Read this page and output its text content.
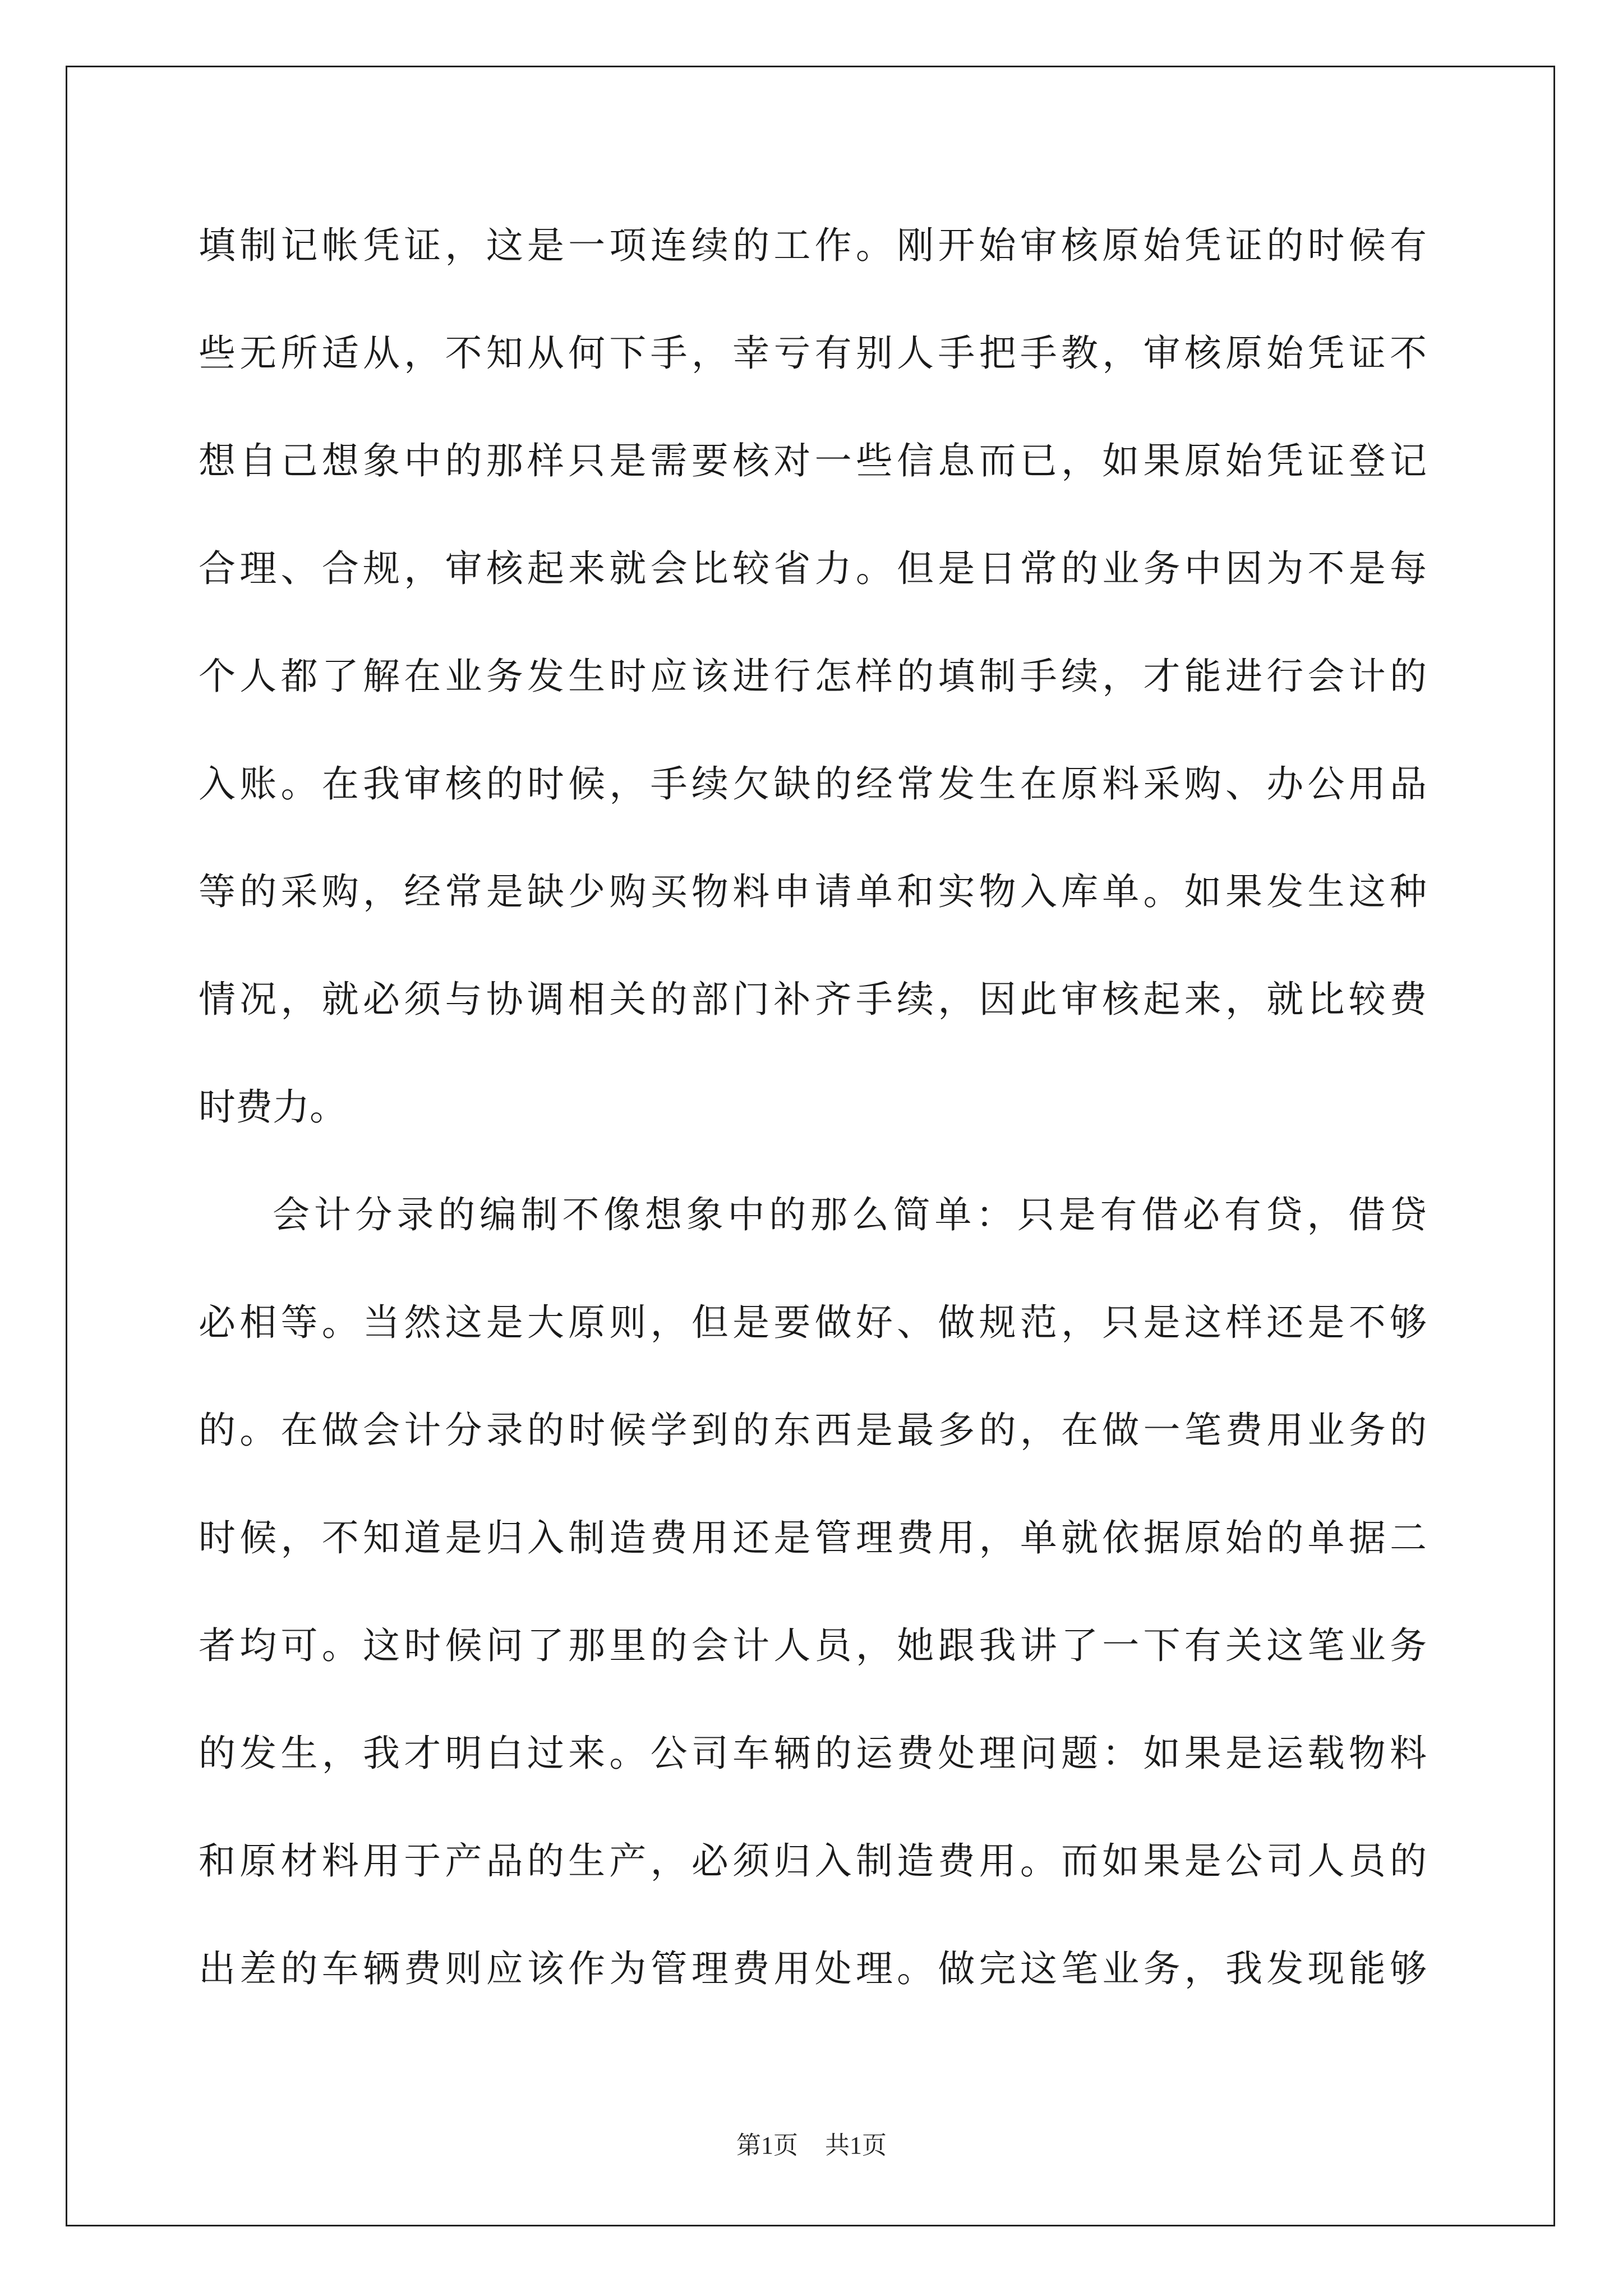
填制记帐凭证，这是一项连续的工作。刚开始审核原始凭证的时候有
些无所适从，不知从何下手，幸亏有别人手把手教，审核原始凭证不
想自己想象中的那样只是需要核对一些信息而已，如果原始凭证登记
合理、合规，审核起来就会比较省力。但是日常的业务中因为不是每
个人都了解在业务发生时应该进行怎样的填制手续，才能进行会计的
入账。在我审核的时候，手续欠缺的经常发生在原料采购、办公用品
等的采购，经常是缺少购买物料申请单和实物入库单。如果发生这种
情况，就必须与协调相关的部门补齐手续，因此审核起来，就比较费
时费力。
会计分录的编制不像想象中的那么简单：只是有借必有贷，借贷
必相等。当然这是大原则，但是要做好、做规范，只是这样还是不够
的。在做会计分录的时候学到的东西是最多的，在做一笔费用业务的
时候，不知道是归入制造费用还是管理费用，单就依据原始的单据二
者均可。这时候问了那里的会计人员，她跟我讲了一下有关这笔业务
的发生，我才明白过来。公司车辆的运费处理问题：如果是运载物料
和原材料用于产品的生产，必须归入制造费用。而如果是公司人员的
出差的车辆费则应该作为管理费用处理。做完这笔业务，我发现能够
第1页 共1页
